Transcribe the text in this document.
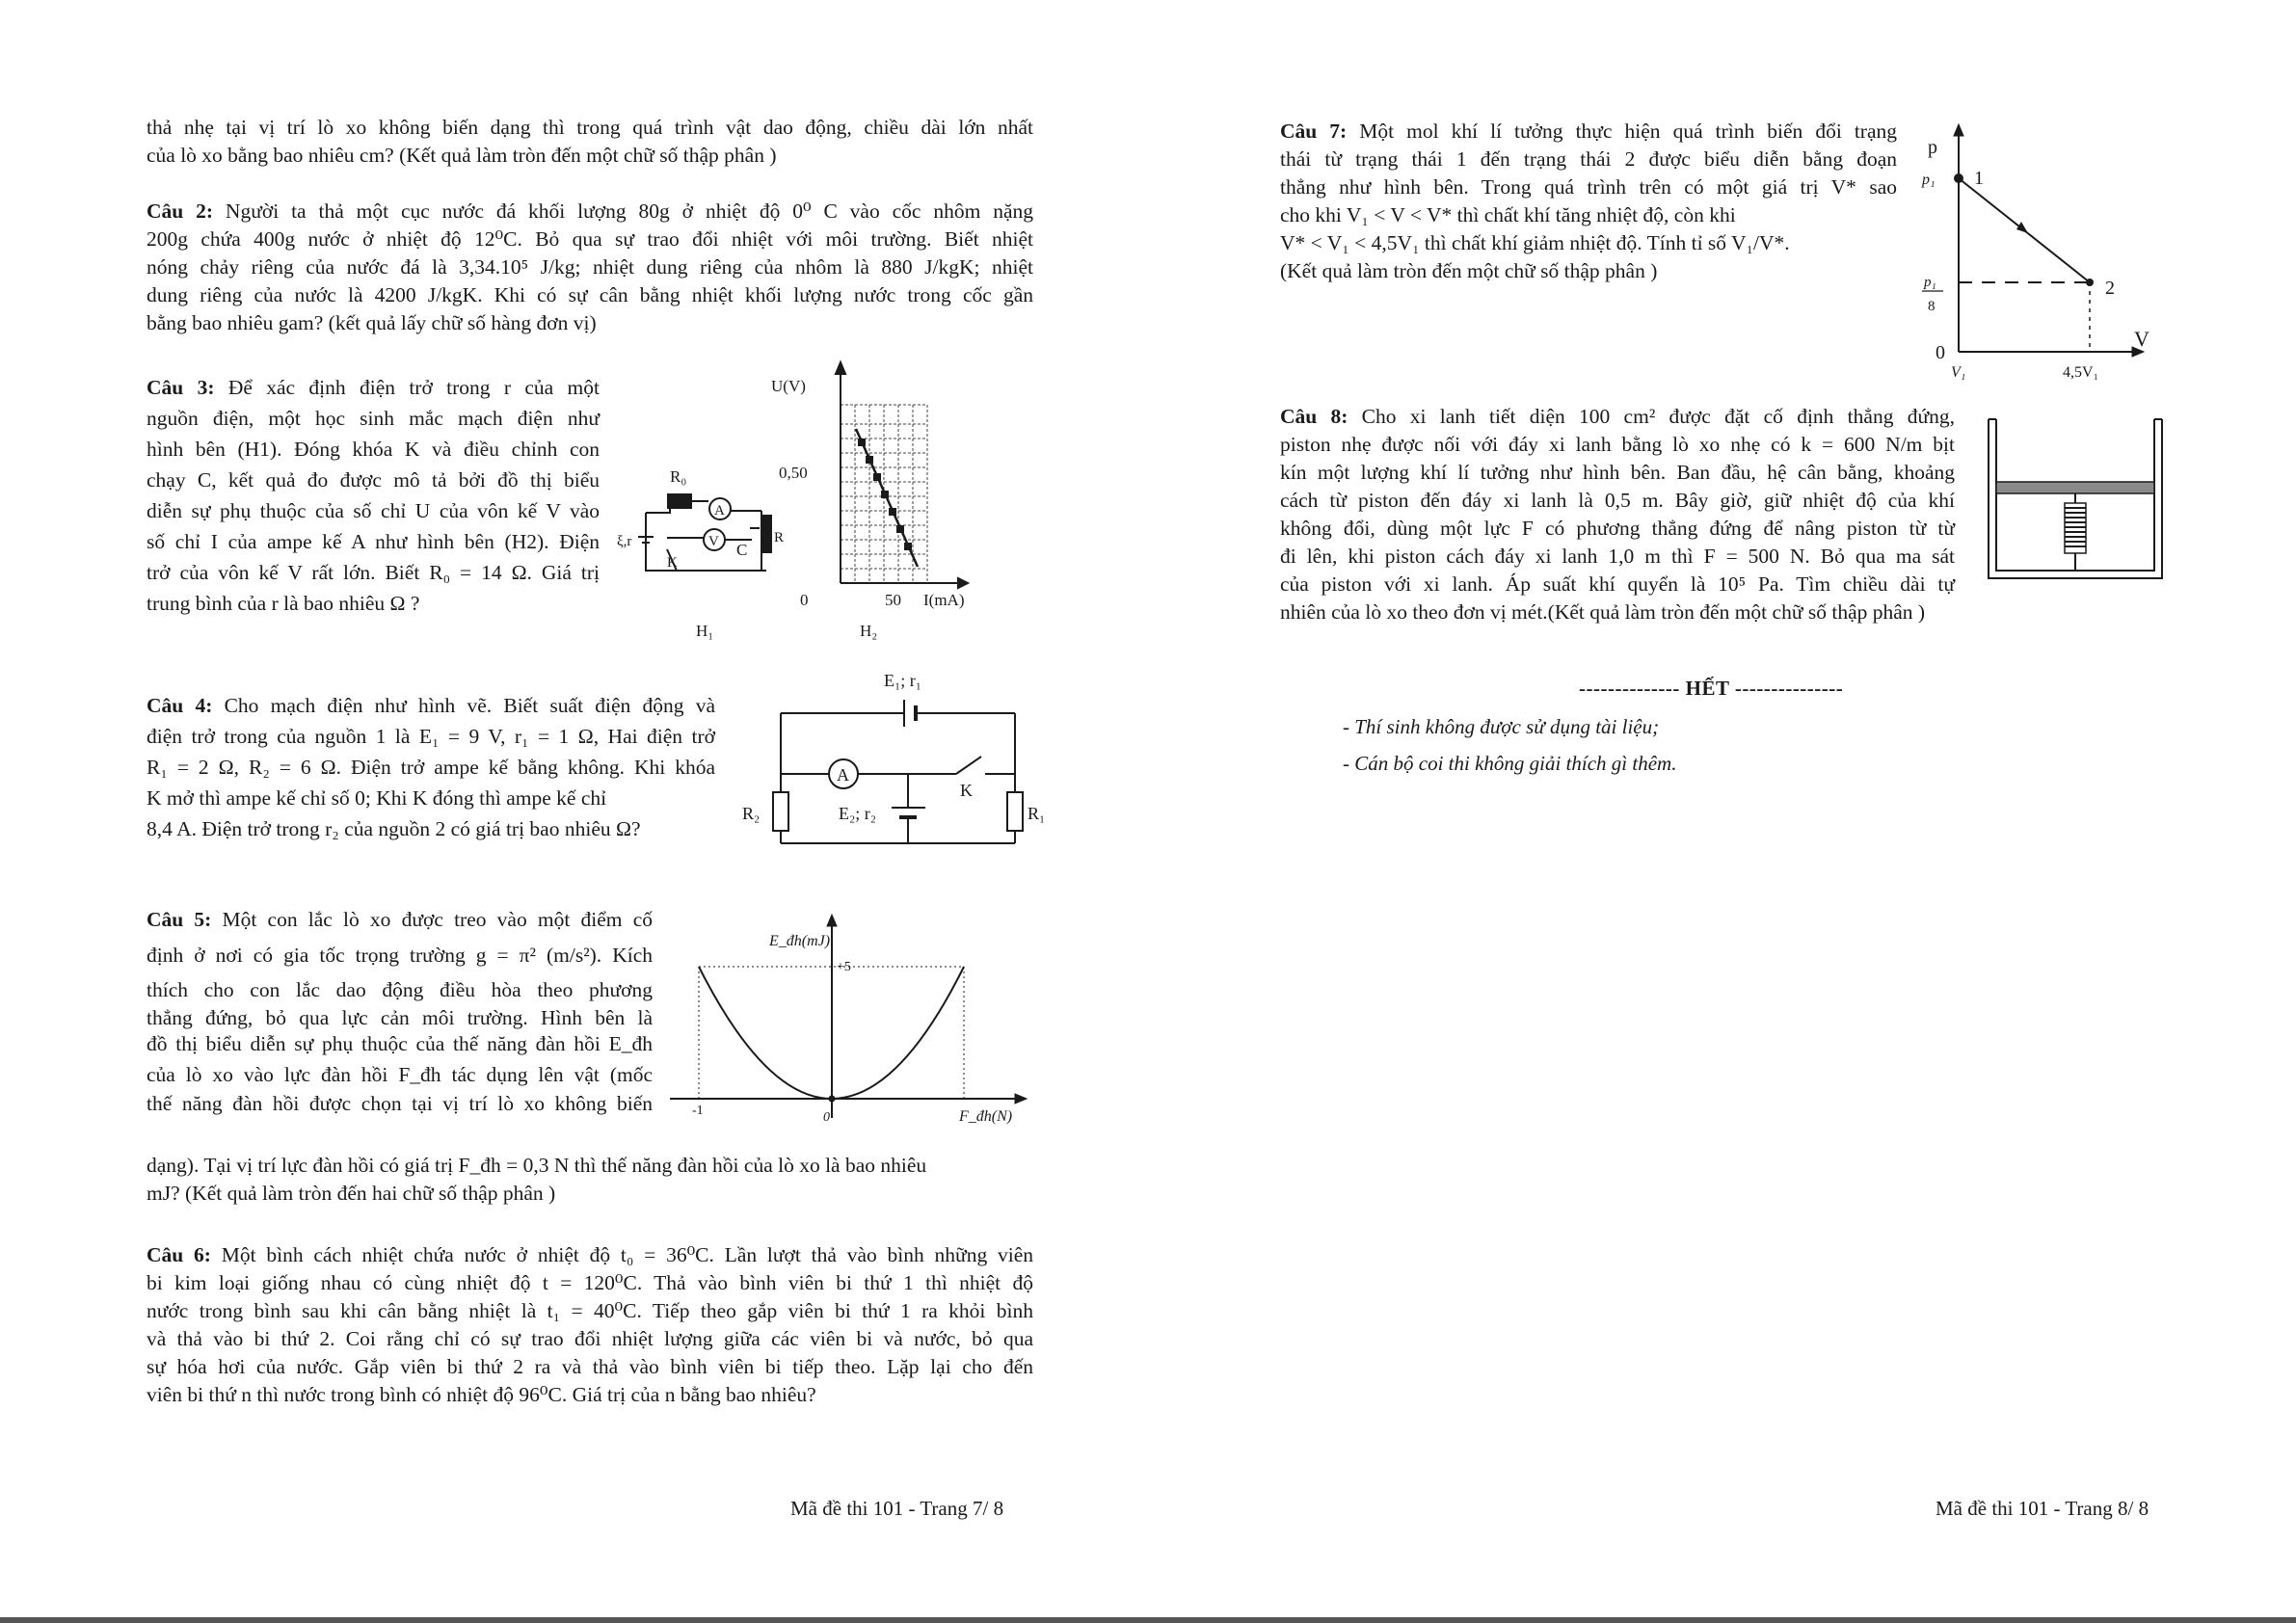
thả nhẹ tại vị trí lò xo không biến dạng thì trong quá trình vật dao động, chiều dài lớn nhất
của lò xo bằng bao nhiêu cm? (Kết quả làm tròn đến một chữ số thập phân )
Câu 2: Người ta thả một cục nước đá khối lượng 80g ở nhiệt độ 0⁰ C vào cốc nhôm nặng
200g chứa 400g nước ở nhiệt độ 12⁰C. Bỏ qua sự trao đổi nhiệt với môi trường. Biết nhiệt
nóng chảy riêng của nước đá là 3,34.10⁵ J/kg; nhiệt dung riêng của nhôm là 880 J/kgK; nhiệt
dung riêng của nước là 4200 J/kgK. Khi có sự cân bằng nhiệt khối lượng nước trong cốc gần
bằng bao nhiêu gam? (kết quả lấy chữ số hàng đơn vị)
Câu 3: Để xác định điện trở trong r của một
nguồn điện, một học sinh mắc mạch điện như
hình bên (H1). Đóng khóa K và điều chỉnh con
chạy C, kết quả đo được mô tả bởi đồ thị biểu
diễn sự phụ thuộc của số chỉ U của vôn kế V vào
số chỉ I của ampe kế A như hình bên (H2). Điện
trở của vôn kế V rất lớn. Biết R₀ = 14 Ω. Giá trị
trung bình của r là bao nhiêu Ω ?
R₀
A
V C
R
ξ,r
K
H₁
U(V)
0,50
0	50 I(mA)
H₂
Câu 4: Cho mạch điện như hình vẽ. Biết suất điện động và
điện trở trong của nguồn 1 là E₁ = 9 V, r₁ = 1 Ω, Hai điện trở
R₁ = 2 Ω, R₂ = 6 Ω. Điện trở ampe kế bằng không. Khi khóa
K mở thì ampe kế chỉ số 0; Khi K đóng thì ampe kế chỉ
8,4 A. Điện trở trong r₂ của nguồn 2 có giá trị bao nhiêu Ω?
E₁; r₁
A
K
E₂; r₂
R₂	R₁
Câu 5: Một con lắc lò xo được treo vào một điểm cố
định ở nơi có gia tốc trọng trường g = π² (m/s²). Kích
thích cho con lắc dao động điều hòa theo phương
thẳng đứng, bỏ qua lực cản môi trường. Hình bên là
đồ thị biểu diễn sự phụ thuộc của thế năng đàn hồi E_đh
của lò xo vào lực đàn hồi F_đh tác dụng lên vật (mốc
thế năng đàn hồi được chọn tại vị trí lò xo không biến
dạng). Tại vị trí lực đàn hồi có giá trị F_đh = 0,3 N thì thế năng đàn hồi của lò xo là bao nhiêu
mJ? (Kết quả làm tròn đến hai chữ số thập phân )
E_đh(mJ)
+5
-1	0	F_đh(N)
Câu 6: Một bình cách nhiệt chứa nước ở nhiệt độ t₀ = 36⁰C. Lần lượt thả vào bình những viên
bi kim loại giống nhau có cùng nhiệt độ t = 120⁰C. Thả vào bình viên bi thứ 1 thì nhiệt độ
nước trong bình sau khi cân bằng nhiệt là t₁ = 40⁰C. Tiếp theo gắp viên bi thứ 1 ra khỏi bình
và thả vào bi thứ 2. Coi rằng chỉ có sự trao đổi nhiệt lượng giữa các viên bi và nước, bỏ qua
sự hóa hơi của nước. Gắp viên bi thứ 2 ra và thả vào bình viên bi tiếp theo. Lặp lại cho đến
viên bi thứ n thì nước trong bình có nhiệt độ 96⁰C. Giá trị của n bằng bao nhiêu?
Mã đề thi 101 - Trang 7/ 8
Câu 7: Một mol khí lí tưởng thực hiện quá trình biến đổi trạng
thái từ trạng thái 1 đến trạng thái 2 được biểu diễn bằng đoạn
thẳng như hình bên. Trong quá trình trên có một giá trị V* sao
cho khi V₁ < V < V* thì chất khí tăng nhiệt độ, còn khi
V* < V₁ < 4,5V₁ thì chất khí giảm nhiệt độ. Tính tỉ số V₁/V*.
(Kết quả làm tròn đến một chữ số thập phân )
p
p₁ 1
p₁
8
2
0
V₁	4,5V₁
V
Câu 8: Cho xi lanh tiết diện 100 cm² được đặt cố định thẳng đứng,
piston nhẹ được nối với đáy xi lanh bằng lò xo nhẹ có k = 600 N/m bịt
kín một lượng khí lí tưởng như hình bên. Ban đầu, hệ cân bằng, khoảng
cách từ piston đến đáy xi lanh là 0,5 m. Bây giờ, giữ nhiệt độ của khí
không đổi, dùng một lực F có phương thẳng đứng để nâng piston từ từ
đi lên, khi piston cách đáy xi lanh 1,0 m thì F = 500 N. Bỏ qua ma sát
của piston với xi lanh. Áp suất khí quyển là 10⁵ Pa. Tìm chiều dài tự
nhiên của lò xo theo đơn vị mét.(Kết quả làm tròn đến một chữ số thập phân )
-------------- HẾT ---------------
- Thí sinh không được sử dụng tài liệu;
- Cán bộ coi thi không giải thích gì thêm.
Mã đề thi 101 - Trang 8/ 8
